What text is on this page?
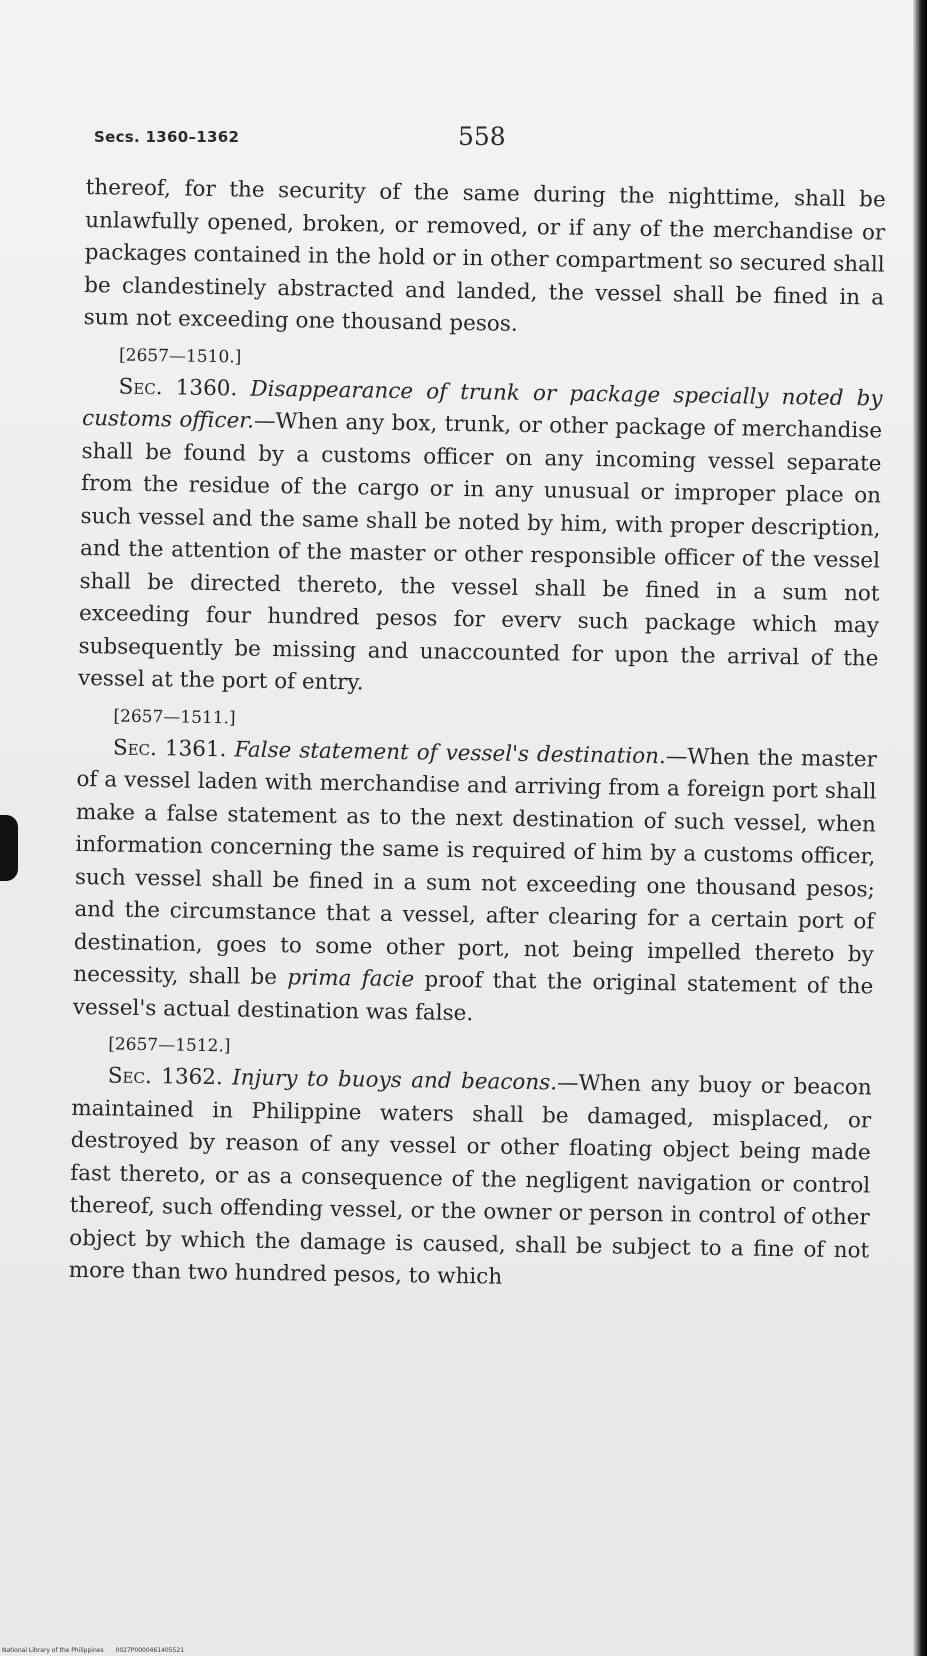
Secs. 1360–1362	558

thereof, for the security of the same during the nighttime, shall be unlawfully opened, broken, or removed, or if any of the merchandise or packages contained in the hold or in other compartment so secured shall be clandestinely abstracted and landed, the vessel shall be fined in a sum not exceeding one thousand pesos.

[2657—1510.]

Sec. 1360. Disappearance of trunk or package specially noted by customs officer.—When any box, trunk, or other package of merchandise shall be found by a customs officer on any incoming vessel separate from the residue of the cargo or in any unusual or improper place on such vessel and the same shall be noted by him, with proper description, and the attention of the master or other responsible officer of the vessel shall be directed thereto, the vessel shall be fined in a sum not exceeding four hundred pesos for everv such package which may subsequently be missing and unaccounted for upon the arrival of the vessel at the port of entry.

[2657—1511.]

Sec. 1361. False statement of vessel's destination.—When the master of a vessel laden with merchandise and arriving from a foreign port shall make a false statement as to the next destination of such vessel, when information concerning the same is required of him by a customs officer, such vessel shall be fined in a sum not exceeding one thousand pesos; and the circumstance that a vessel, after clearing for a certain port of destination, goes to some other port, not being impelled thereto by necessity, shall be prima facie proof that the original statement of the vessel's actual destination was false.

[2657—1512.]

Sec. 1362. Injury to buoys and beacons.—When any buoy or beacon maintained in Philippine waters shall be damaged, misplaced, or destroyed by reason of any vessel or other floating object being made fast thereto, or as a consequence of the negligent navigation or control thereof, such offending vessel, or the owner or person in control of other object by which the damage is caused, shall be subject to a fine of not more than two hundred pesos, to which

National Library of the Philippines 0027P0000461405521
